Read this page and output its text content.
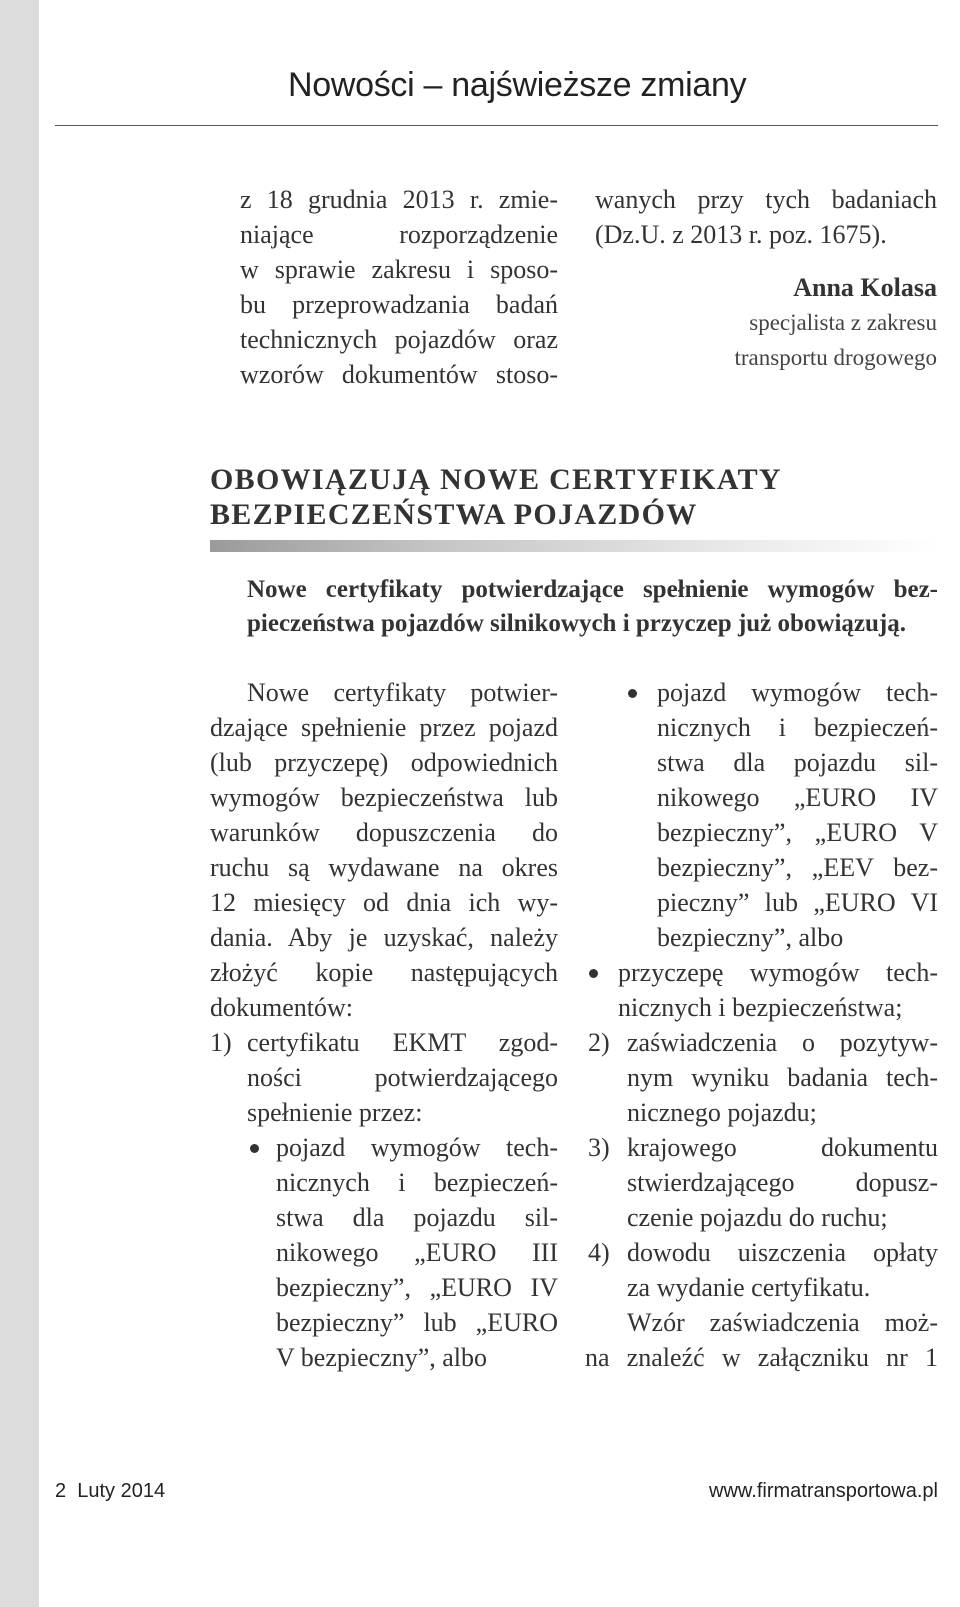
Nowości – najświeższe zmiany

z 18 grudnia 2013 r. zmie-

niające rozporządzenie

w sprawie zakresu i sposo-

bu przeprowadzania badań

technicznych pojazdów oraz

wzorów dokumentów stoso-

wanych przy tych badaniach

(Dz.U. z 2013 r. poz. 1675).

Anna Kolasa

specjalista z zakresu

transportu drogowego

OBOWIĄZUJĄ NOWE CERTYFIKATY
BEZPIECZEŃSTWA POJAZDÓW

Nowe certyfikaty potwierdzające spełnienie wymogów bez-

pieczeństwa pojazdów silnikowych i przyczep już obowiązują.

Nowe certyfikaty potwier-

dzające spełnienie przez pojazd

(lub przyczepę) odpowiednich

wymogów bezpieczeństwa lub

warunków dopuszczenia do

ruchu są wydawane na okres

12 miesięcy od dnia ich wy-

dania. Aby je uzyskać, należy

złożyć kopie następujących

dokumentów:

1) certyfikatu EKMT zgod-

ności potwierdzającego

spełnienie przez:

pojazd wymogów tech-

nicznych i bezpieczeń-

stwa dla pojazdu sil-

nikowego „EURO III

bezpieczny”, „EURO IV

bezpieczny” lub „EURO

V bezpieczny”, albo

pojazd wymogów tech-

nicznych i bezpieczeń-

stwa dla pojazdu sil-

nikowego „EURO IV

bezpieczny”, „EURO V

bezpieczny”, „EEV bez-

pieczny” lub „EURO VI

bezpieczny”, albo

przyczepę wymogów tech-

nicznych i bezpieczeństwa;

2) zaświadczenia o pozytyw-

nym wyniku badania tech-

nicznego pojazdu;

3) krajowego dokumentu

stwierdzającego dopusz-

czenie pojazdu do ruchu;

4) dowodu uiszczenia opłaty

za wydanie certyfikatu.

Wzór zaświadczenia moż-

na znaleźć w załączniku nr 1

2 Luty 2014	www.firmatransportowa.pl
